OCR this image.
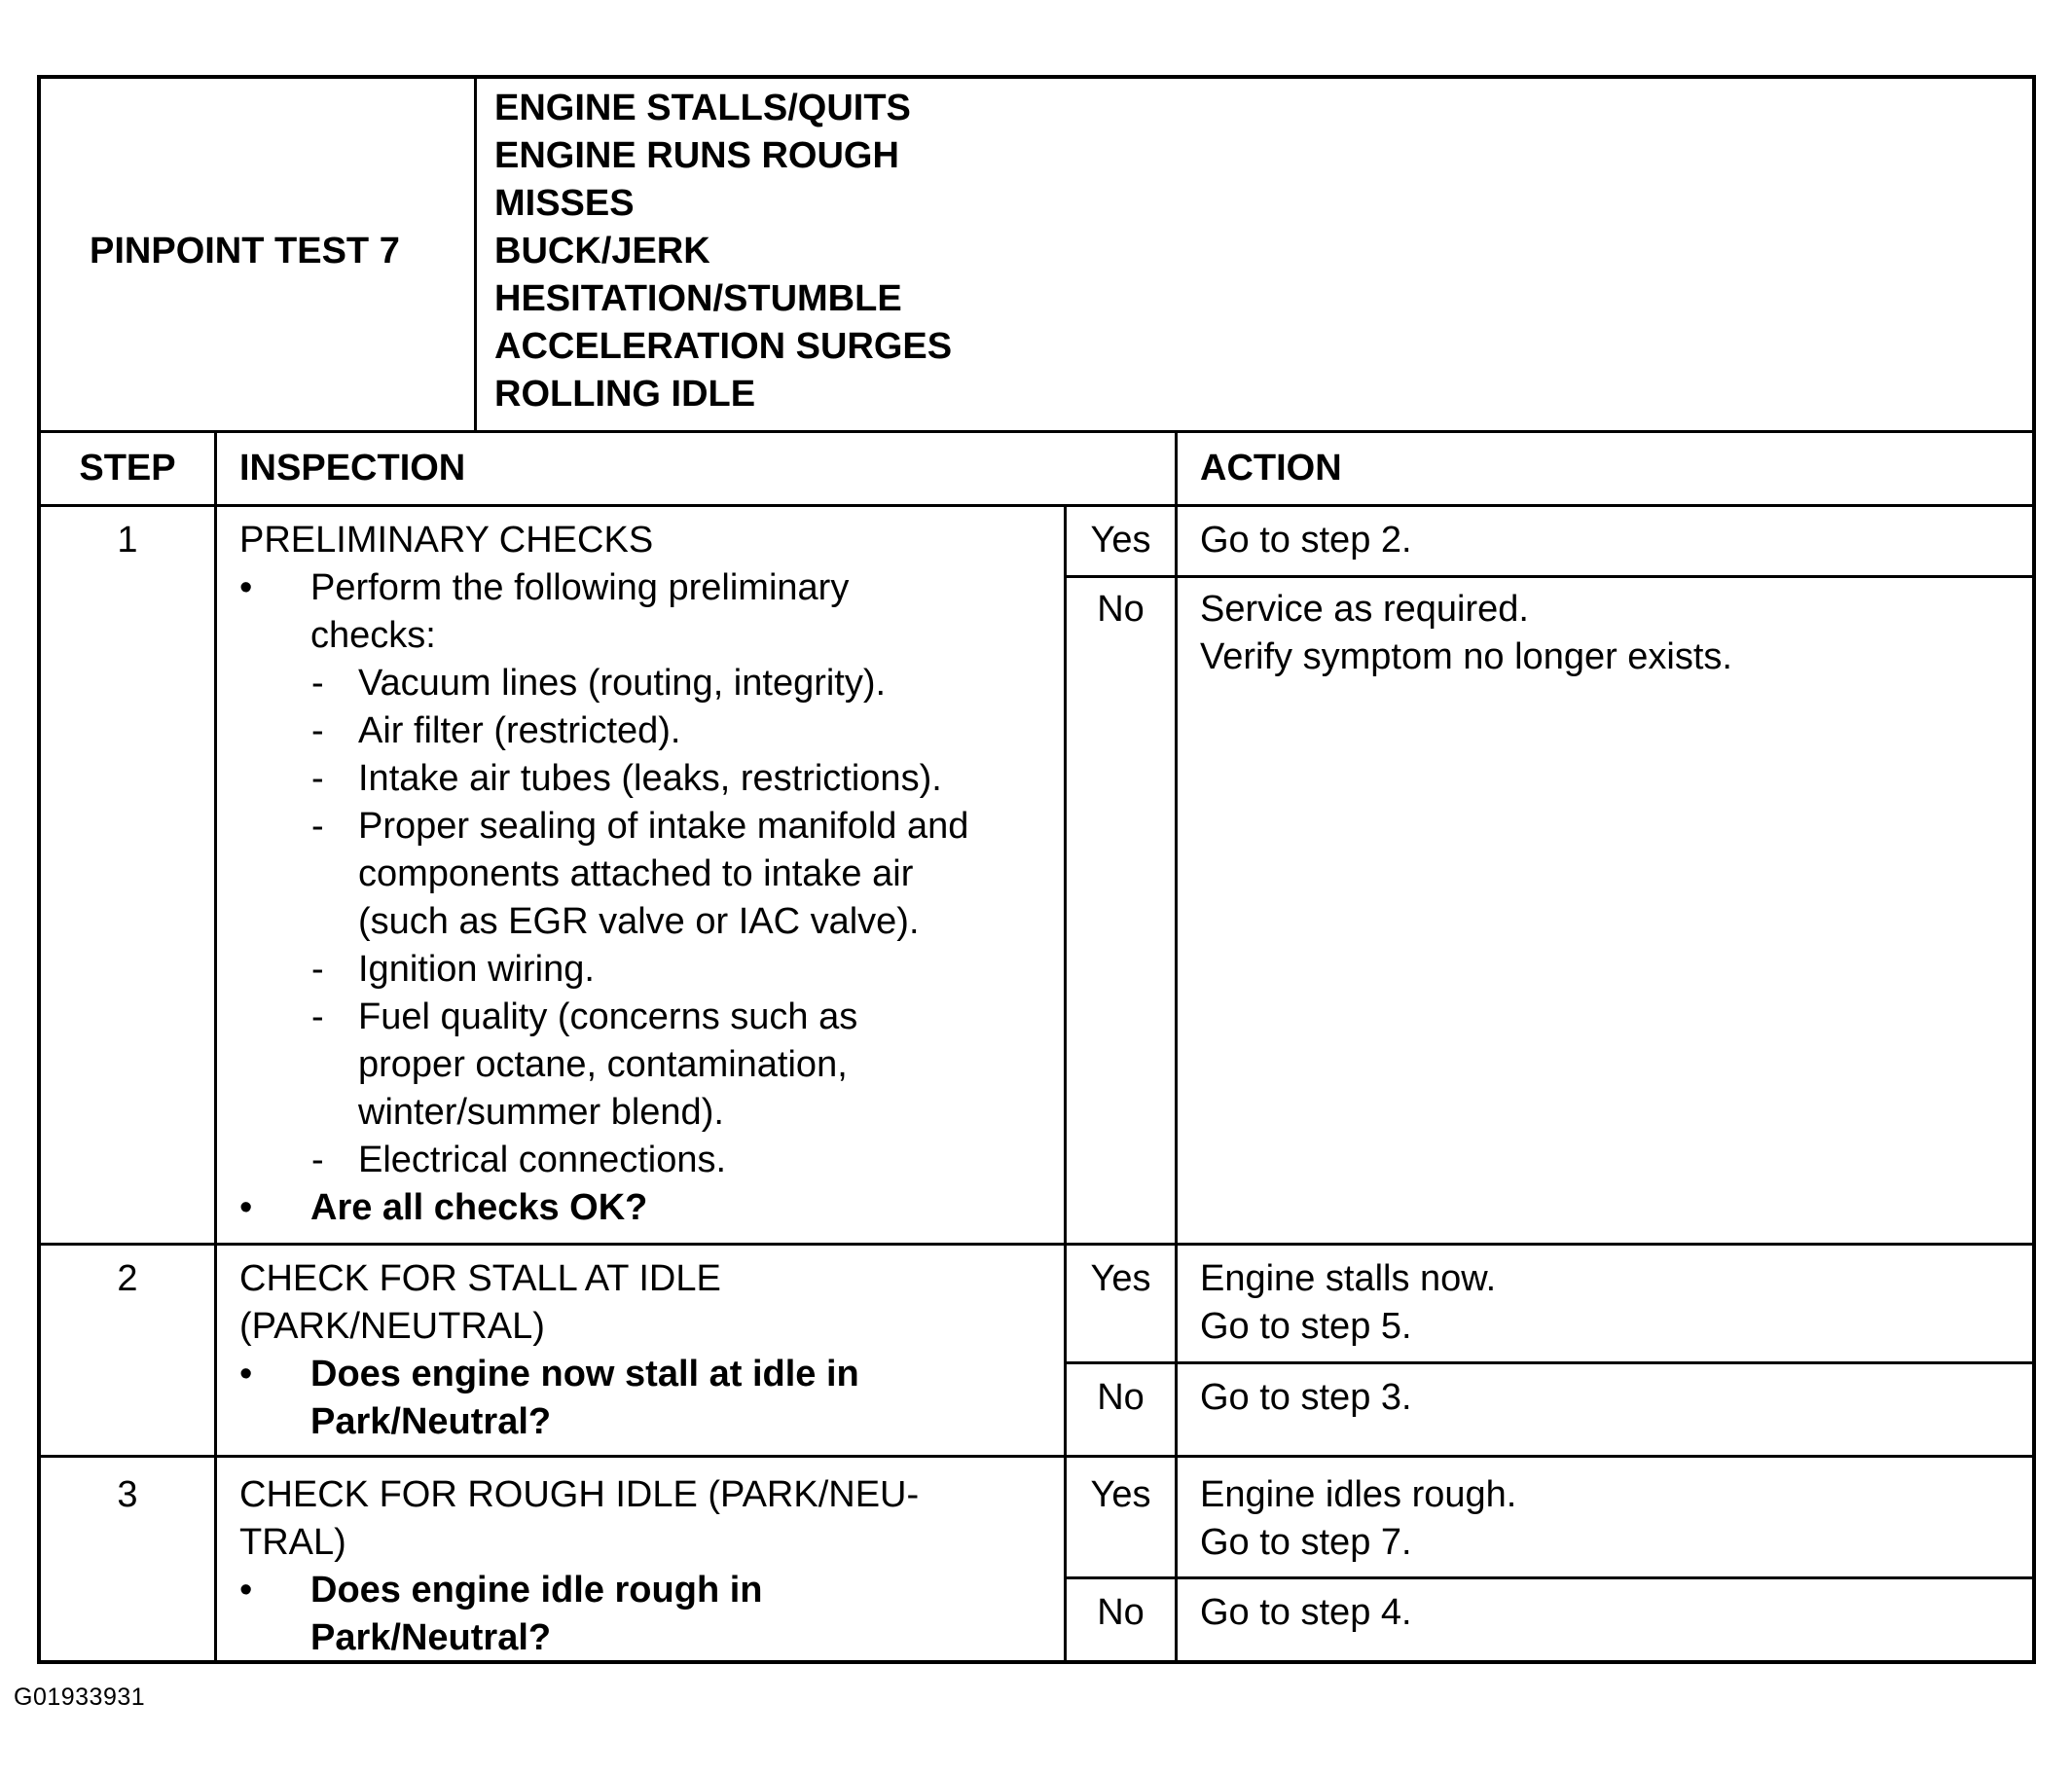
PINPOINT TEST 7
ENGINE STALLS/QUITS
ENGINE RUNS ROUGH
MISSES
BUCK/JERK
HESITATION/STUMBLE
ACCELERATION SURGES
ROLLING IDLE
STEP	INSPECTION	ACTION
1	PRELIMINARY CHECKS
• Perform the following preliminary
checks:
- Vacuum lines (routing, integrity).
- Air filter (restricted).
- Intake air tubes (leaks, restrictions).
- Proper sealing of intake manifold and
components attached to intake air
(such as EGR valve or IAC valve).
- Ignition wiring.
- Fuel quality (concerns such as
proper octane, contamination,
winter/summer blend).
- Electrical connections.
• Are all checks OK?
Yes	Go to step 2.
No	Service as required.
Verify symptom no longer exists.
2	CHECK FOR STALL AT IDLE
(PARK/NEUTRAL)
• Does engine now stall at idle in
Park/Neutral?
Yes	Engine stalls now.
Go to step 5.
No	Go to step 3.
3	CHECK FOR ROUGH IDLE (PARK/NEU-
TRAL)
• Does engine idle rough in
Park/Neutral?
Yes	Engine idles rough.
Go to step 7.
No	Go to step 4.
G01933931
